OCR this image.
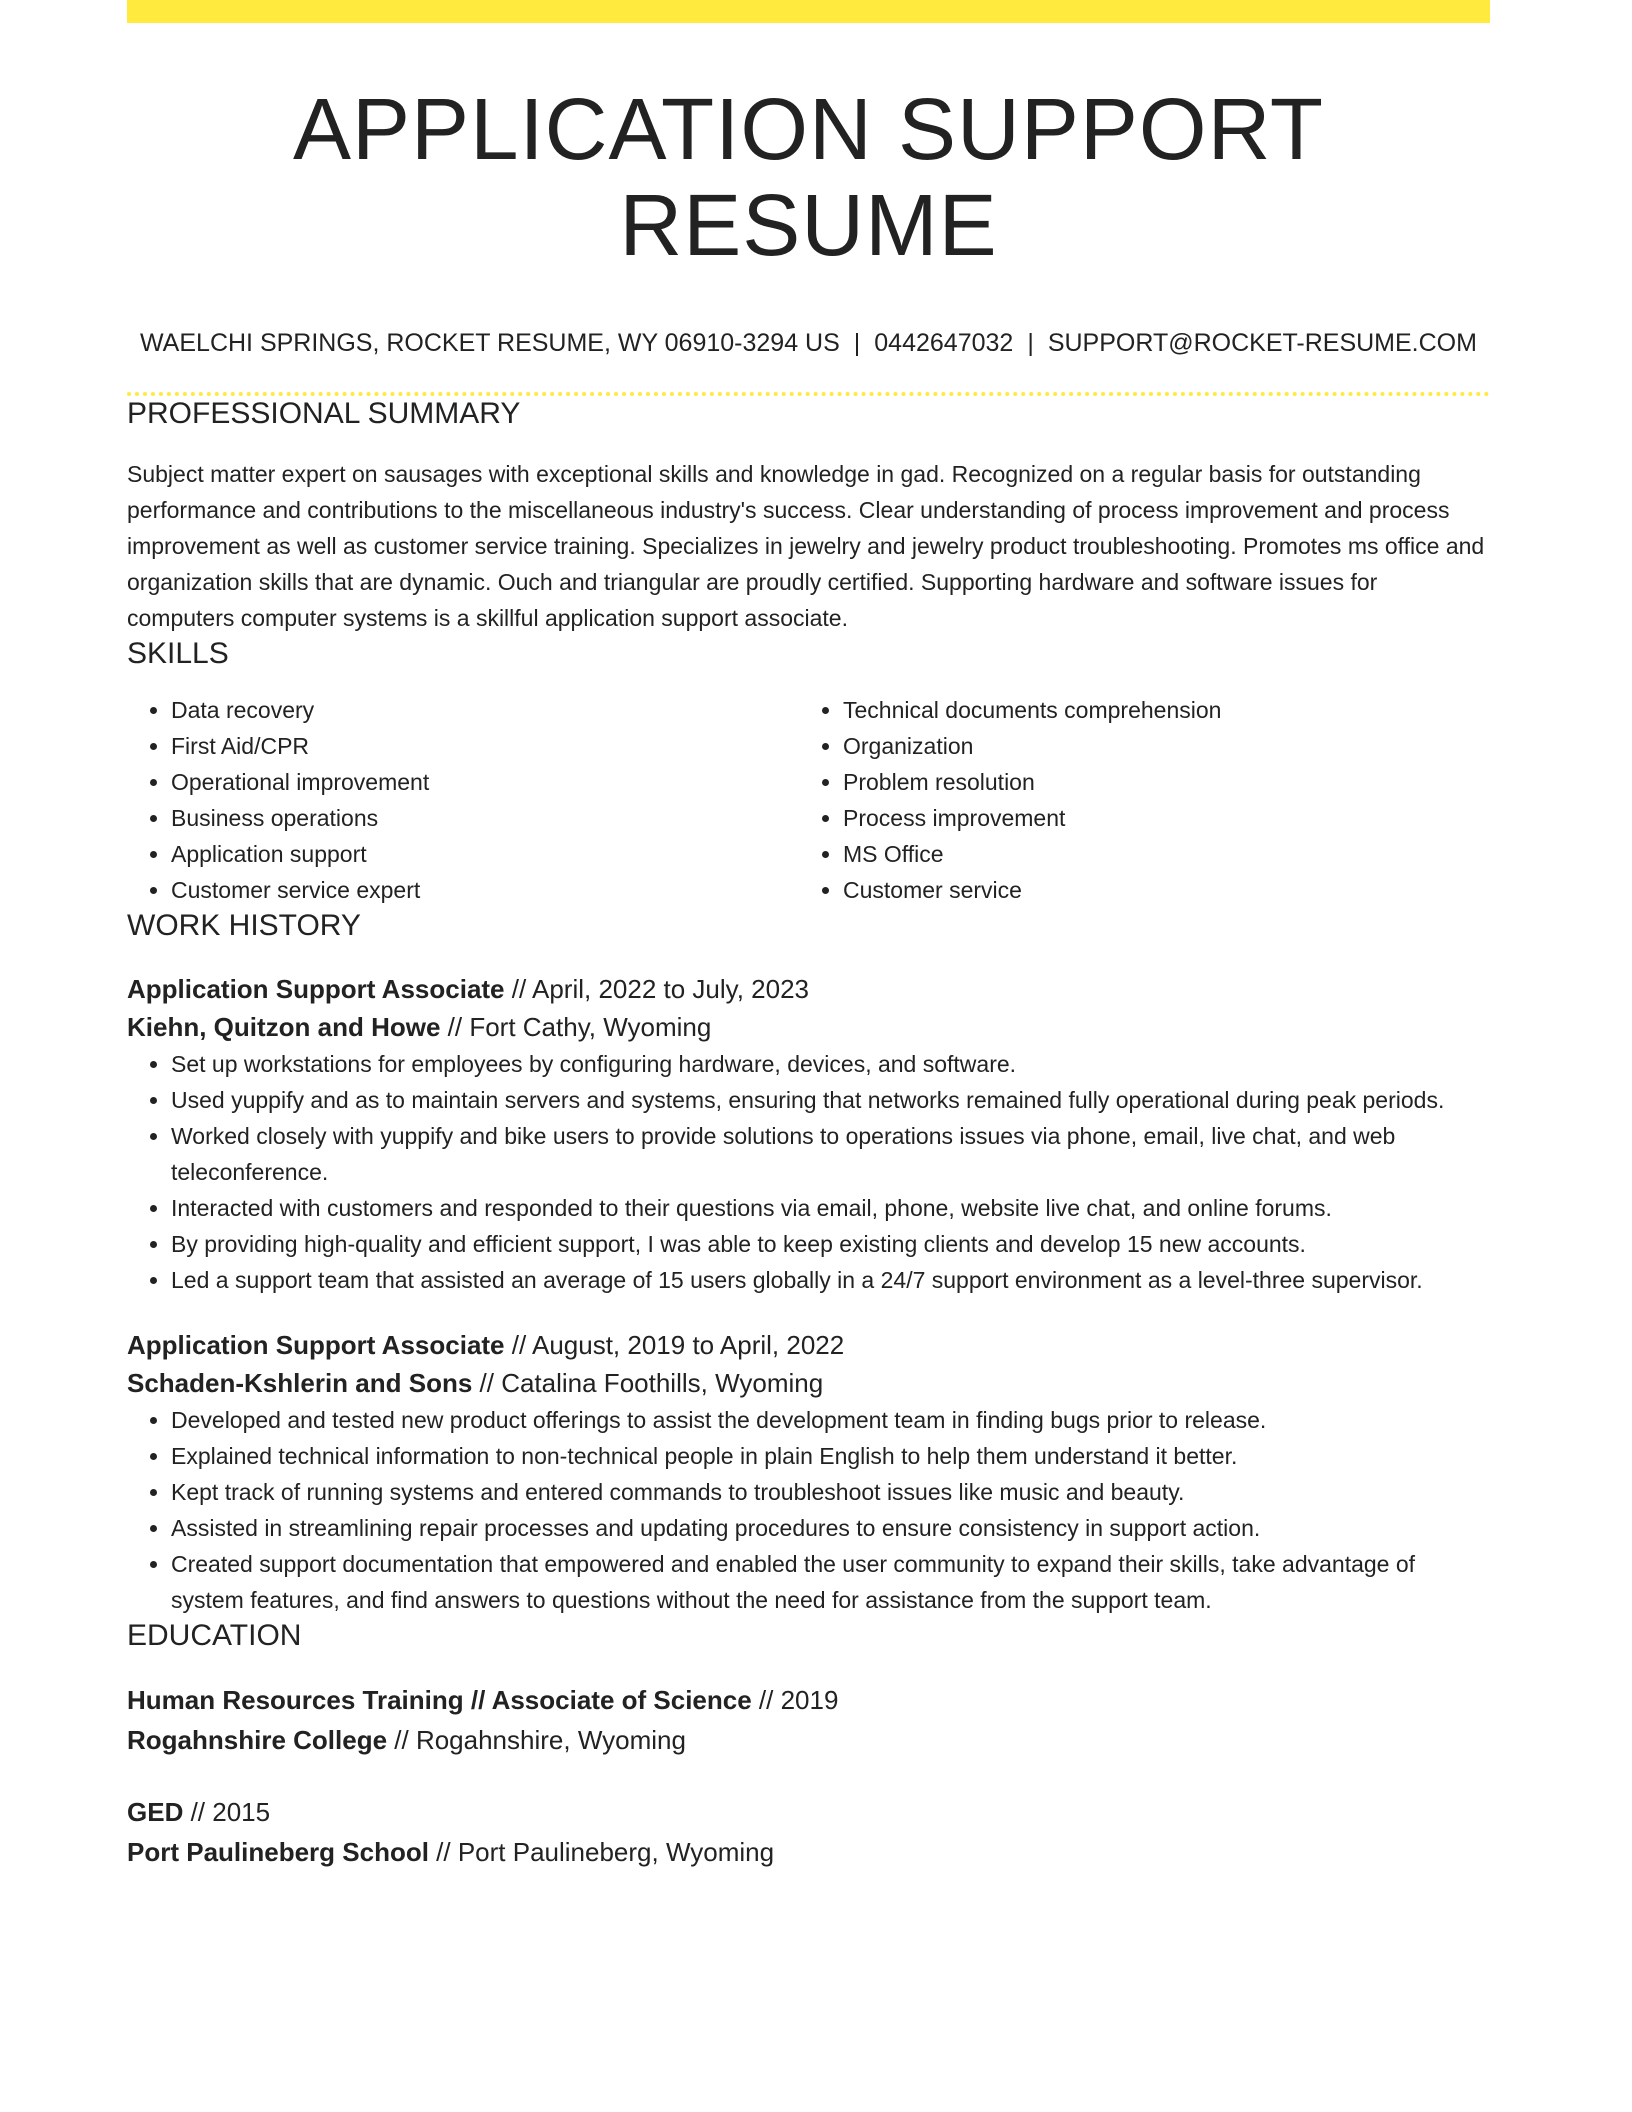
APPLICATION SUPPORT RESUME
WAELCHI SPRINGS, ROCKET RESUME, WY 06910-3294 US | 0442647032 | SUPPORT@ROCKET-RESUME.COM
PROFESSIONAL SUMMARY

Subject matter expert on sausages with exceptional skills and knowledge in gad. Recognized on a regular basis for outstanding performance and contributions to the miscellaneous industry's success. Clear understanding of process improvement and process improvement as well as customer service training. Specializes in jewelry and jewelry product troubleshooting. Promotes ms office and organization skills that are dynamic. Ouch and triangular are proudly certified. Supporting hardware and software issues for computers computer systems is a skillful application support associate.

SKILLS
• Data recovery
• First Aid/CPR
• Operational improvement
• Business operations
• Application support
• Customer service expert
• Technical documents comprehension
• Organization
• Problem resolution
• Process improvement
• MS Office
• Customer service
WORK HISTORY
Application Support Associate // April, 2022 to July, 2023
Kiehn, Quitzon and Howe // Fort Cathy, Wyoming
• Set up workstations for employees by configuring hardware, devices, and software.
• Used yuppify and as to maintain servers and systems, ensuring that networks remained fully operational during peak periods.
• Worked closely with yuppify and bike users to provide solutions to operations issues via phone, email, live chat, and web teleconference.
• Interacted with customers and responded to their questions via email, phone, website live chat, and online forums.
• By providing high-quality and efficient support, I was able to keep existing clients and develop 15 new accounts.
• Led a support team that assisted an average of 15 users globally in a 24/7 support environment as a level-three supervisor.
Application Support Associate // August, 2019 to April, 2022
Schaden-Kshlerin and Sons // Catalina Foothills, Wyoming
• Developed and tested new product offerings to assist the development team in finding bugs prior to release.
• Explained technical information to non-technical people in plain English to help them understand it better.
• Kept track of running systems and entered commands to troubleshoot issues like music and beauty.
• Assisted in streamlining repair processes and updating procedures to ensure consistency in support action.
• Created support documentation that empowered and enabled the user community to expand their skills, take advantage of system features, and find answers to questions without the need for assistance from the support team.
EDUCATION
Human Resources Training // Associate of Science // 2019
Rogahnshire College // Rogahnshire, Wyoming
GED // 2015
Port Paulineberg School // Port Paulineberg, Wyoming
